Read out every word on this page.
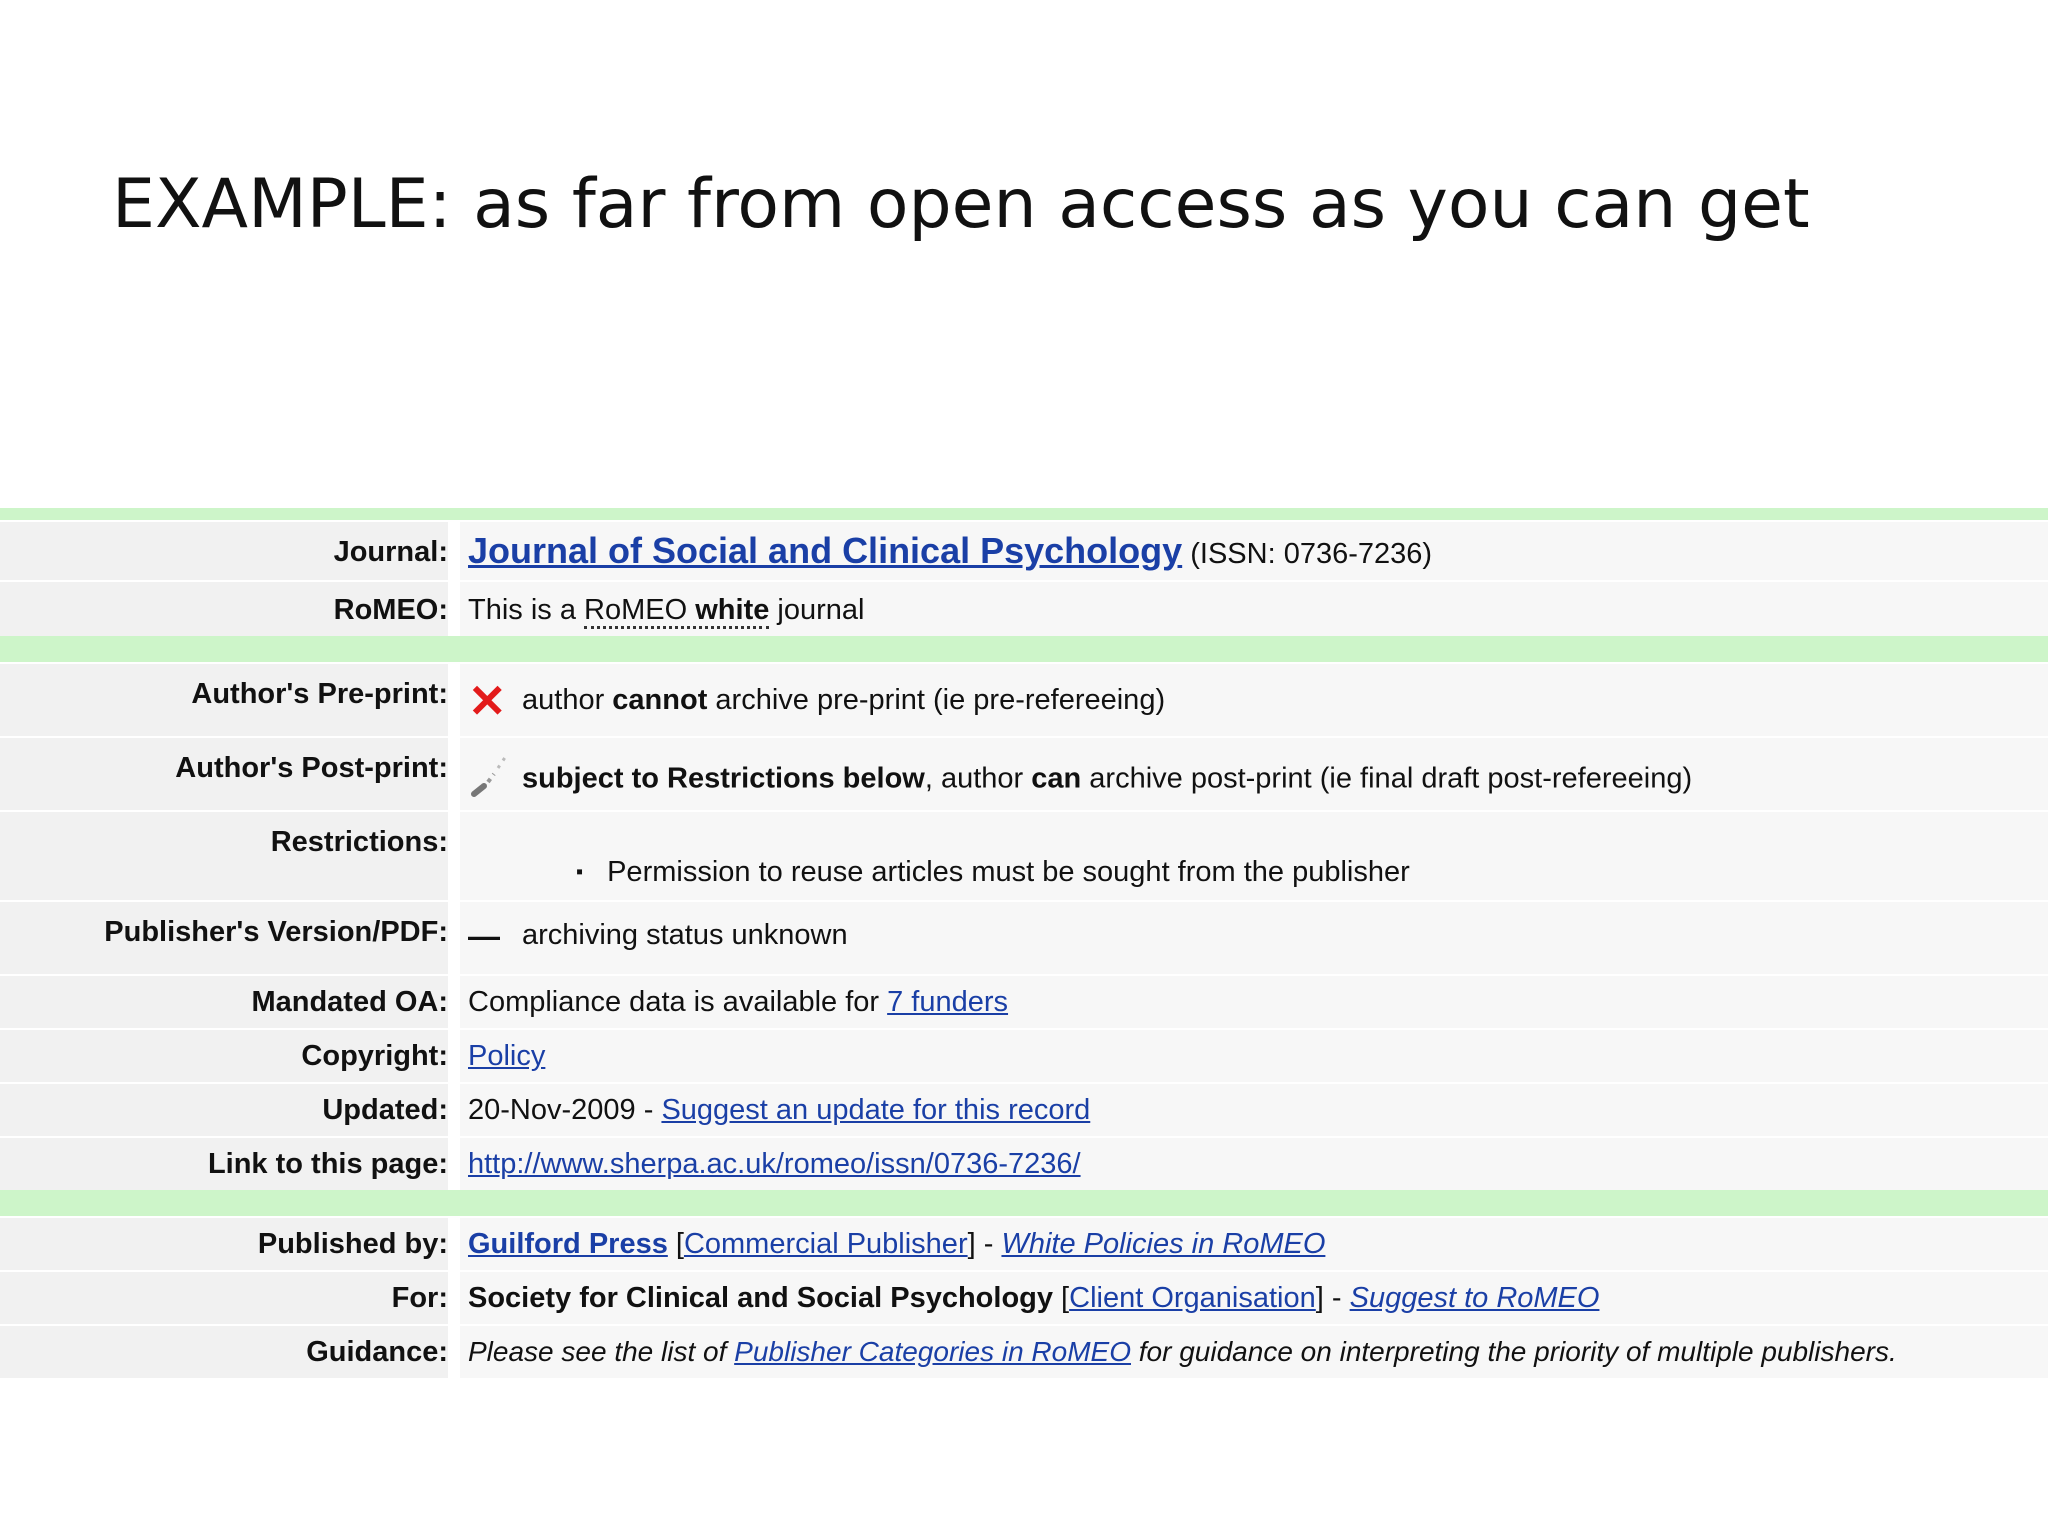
EXAMPLE: as far from open access as you can get
Journal: Journal of Social and Clinical Psychology (ISSN: 0736-7236)
RoMEO: This is a RoMEO white journal
Author's Pre-print: ✕ author cannot archive pre-print (ie pre-refereeing)
Author's Post-print:	subject to Restrictions below, author can archive post-print (ie final draft post-refereeing)
Restrictions:
▪ Permission to reuse articles must be sought from the publisher
Publisher's Version/PDF: — archiving status unknown
Mandated OA: Compliance data is available for 7 funders
Copyright: Policy
Updated: 20-Nov-2009 - Suggest an update for this record
Link to this page: http://www.sherpa.ac.uk/romeo/issn/0736-7236/
Published by: Guilford Press [Commercial Publisher] - White Policies in RoMEO
For: Society for Clinical and Social Psychology [Client Organisation] - Suggest to RoMEO
Guidance: Please see the list of Publisher Categories in RoMEO for guidance on interpreting the priority of multiple publishers.
